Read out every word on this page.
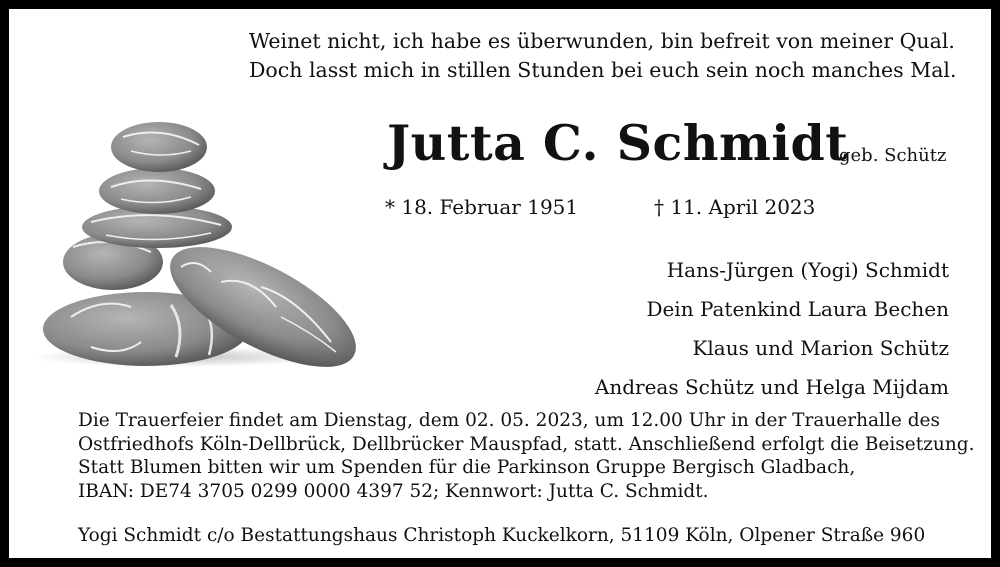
Weinet nicht, ich habe es überwunden, bin befreit von meiner Qual.
Doch lasst mich in stillen Stunden bei euch sein noch manches Mal.
Jutta C. Schmidt
geb. Schütz
* 18. Februar 1951	† 11. April 2023
Hans-Jürgen (Yogi) Schmidt
Dein Patenkind Laura Bechen
Klaus und Marion Schütz
Andreas Schütz und Helga Mijdam
Die Trauerfeier findet am Dienstag, dem 02. 05. 2023, um 12.00 Uhr in der Trauerhalle des
Ostfriedhofs Köln-Dellbrück, Dellbrücker Mauspfad, statt. Anschließend erfolgt die Beisetzung.
Statt Blumen bitten wir um Spenden für die Parkinson Gruppe Bergisch Gladbach,
IBAN: DE74 3705 0299 0000 4397 52; Kennwort: Jutta C. Schmidt.
Yogi Schmidt c/o Bestattungshaus Christoph Kuckelkorn, 51109 Köln, Olpener Straße 960
